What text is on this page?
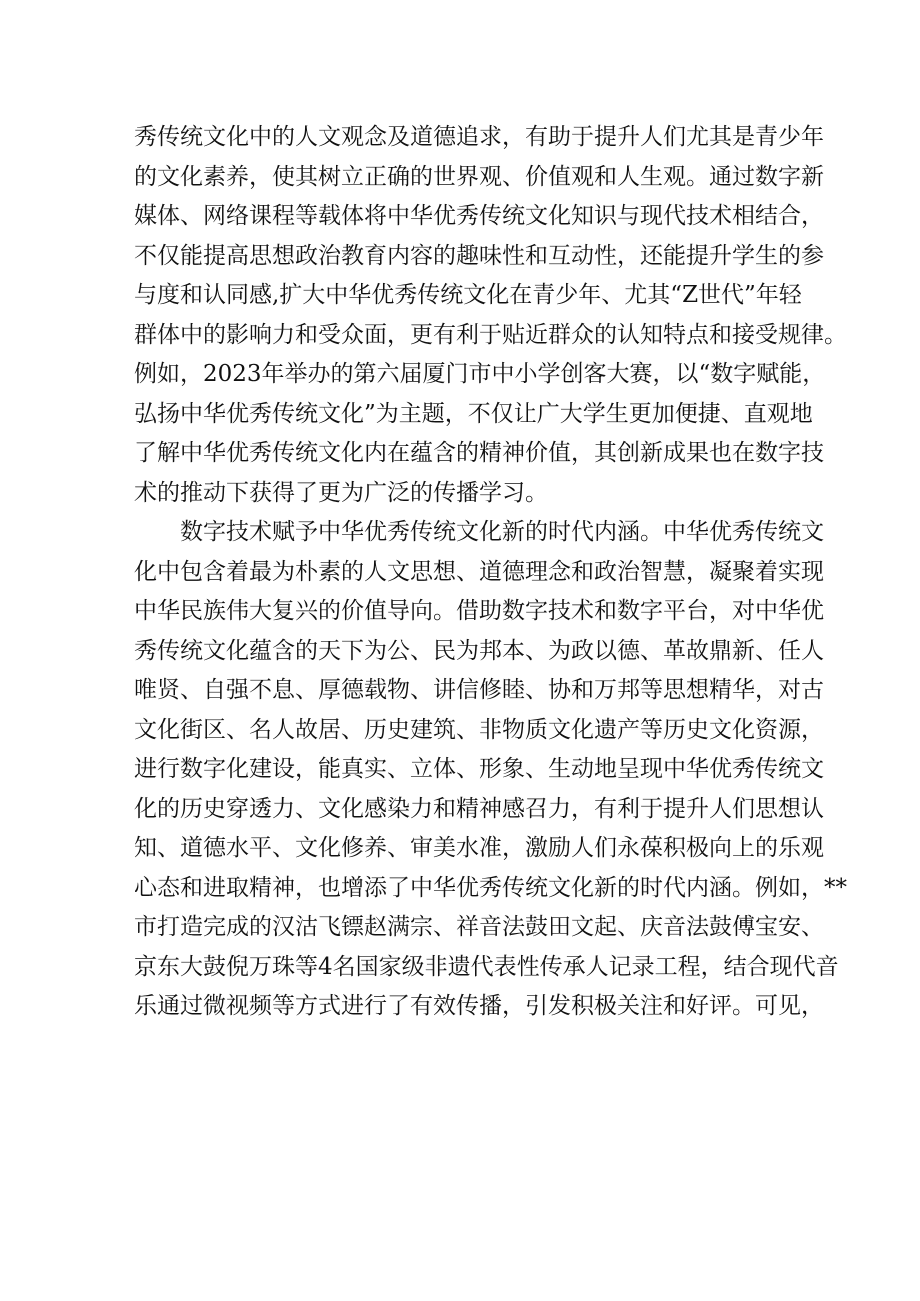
秀传统文化中的人文观念及道德追求，有助于提升人们尤其是青少年
的文化素养，使其树立正确的世界观、价值观和人生观。通过数字新
媒体、网络课程等载体将中华优秀传统文化知识与现代技术相结合，
不仅能提高思想政治教育内容的趣味性和互动性，还能提升学生的参
与度和认同感,扩大中华优秀传统文化在青少年、尤其“Z世代”年轻
群体中的影响力和受众面，更有利于贴近群众的认知特点和接受规律。
例如，2023年举办的第六届厦门市中小学创客大赛，以“数字赋能，
弘扬中华优秀传统文化”为主题，不仅让广大学生更加便捷、直观地
了解中华优秀传统文化内在蕴含的精神价值，其创新成果也在数字技
术的推动下获得了更为广泛的传播学习。
数字技术赋予中华优秀传统文化新的时代内涵。中华优秀传统文
化中包含着最为朴素的人文思想、道德理念和政治智慧，凝聚着实现
中华民族伟大复兴的价值导向。借助数字技术和数字平台，对中华优
秀传统文化蕴含的天下为公、民为邦本、为政以德、革故鼎新、任人
唯贤、自强不息、厚德载物、讲信修睦、协和万邦等思想精华，对古
文化街区、名人故居、历史建筑、非物质文化遗产等历史文化资源，
进行数字化建设，能真实、立体、形象、生动地呈现中华优秀传统文
化的历史穿透力、文化感染力和精神感召力，有利于提升人们思想认
知、道德水平、文化修养、审美水准，激励人们永葆积极向上的乐观
心态和进取精神，也增添了中华优秀传统文化新的时代内涵。例如，**
市打造完成的汉沽飞镖赵满宗、祥音法鼓田文起、庆音法鼓傅宝安、
京东大鼓倪万珠等4名国家级非遗代表性传承人记录工程，结合现代音
乐通过微视频等方式进行了有效传播，引发积极关注和好评。可见，
